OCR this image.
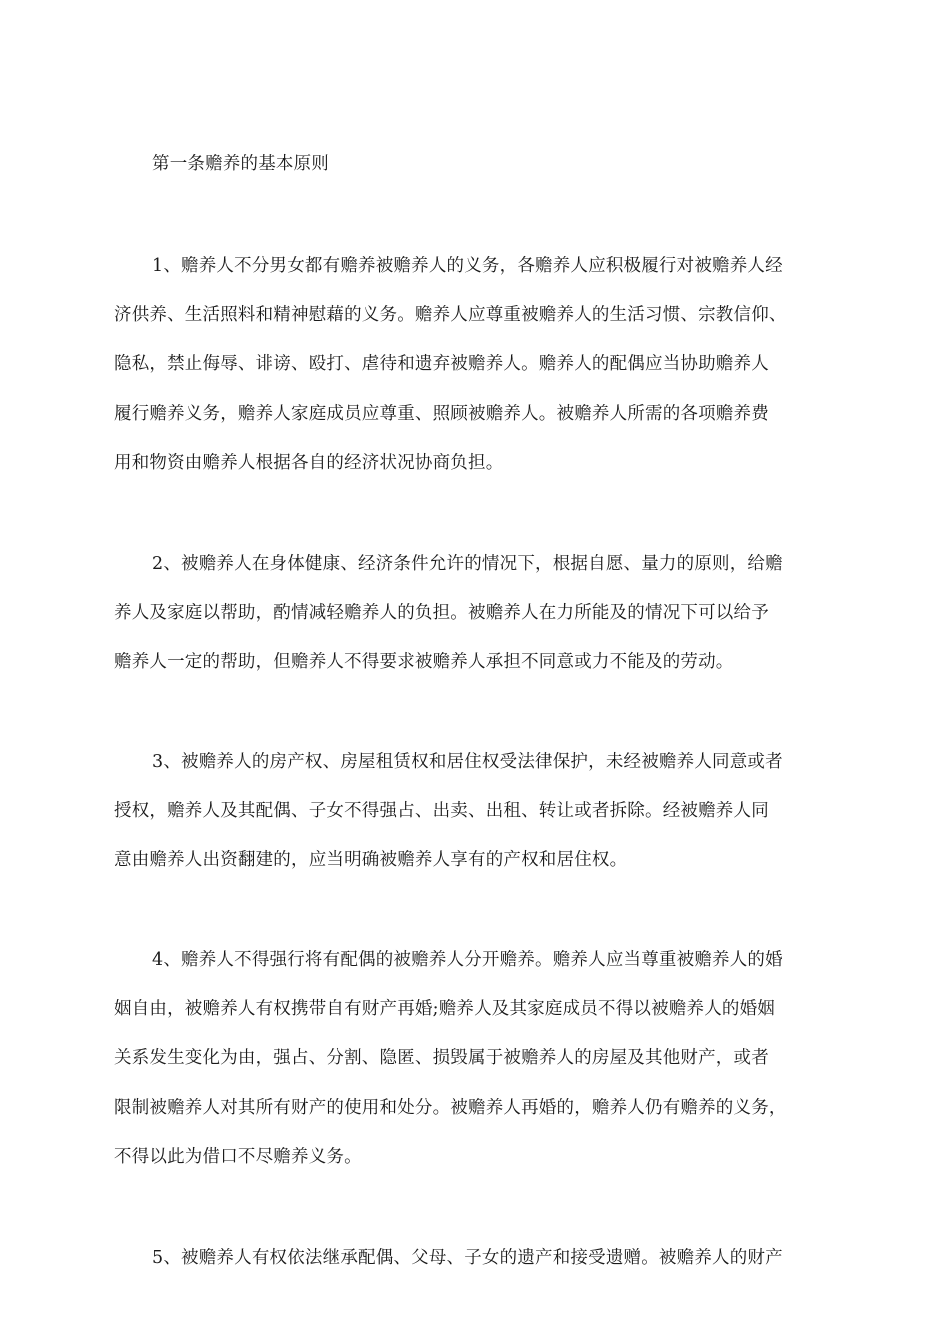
第一条赡养的基本原则
1、赡养人不分男女都有赡养被赡养人的义务，各赡养人应积极履行对被赡养人经
济供养、生活照料和精神慰藉的义务。赡养人应尊重被赡养人的生活习惯、宗教信仰、
隐私，禁止侮辱、诽谤、殴打、虐待和遗弃被赡养人。赡养人的配偶应当协助赡养人
履行赡养义务，赡养人家庭成员应尊重、照顾被赡养人。被赡养人所需的各项赡养费
用和物资由赡养人根据各自的经济状况协商负担。
2、被赡养人在身体健康、经济条件允许的情况下，根据自愿、量力的原则，给赡
养人及家庭以帮助，酌情减轻赡养人的负担。被赡养人在力所能及的情况下可以给予
赡养人一定的帮助，但赡养人不得要求被赡养人承担不同意或力不能及的劳动。
3、被赡养人的房产权、房屋租赁权和居住权受法律保护，未经被赡养人同意或者
授权，赡养人及其配偶、子女不得强占、出卖、出租、转让或者拆除。经被赡养人同
意由赡养人出资翻建的，应当明确被赡养人享有的产权和居住权。
4、赡养人不得强行将有配偶的被赡养人分开赡养。赡养人应当尊重被赡养人的婚
姻自由，被赡养人有权携带自有财产再婚;赡养人及其家庭成员不得以被赡养人的婚姻
关系发生变化为由，强占、分割、隐匿、损毁属于被赡养人的房屋及其他财产，或者
限制被赡养人对其所有财产的使用和处分。被赡养人再婚的，赡养人仍有赡养的义务，
不得以此为借口不尽赡养义务。
5、被赡养人有权依法继承配偶、父母、子女的遗产和接受遗赠。被赡养人的财产
